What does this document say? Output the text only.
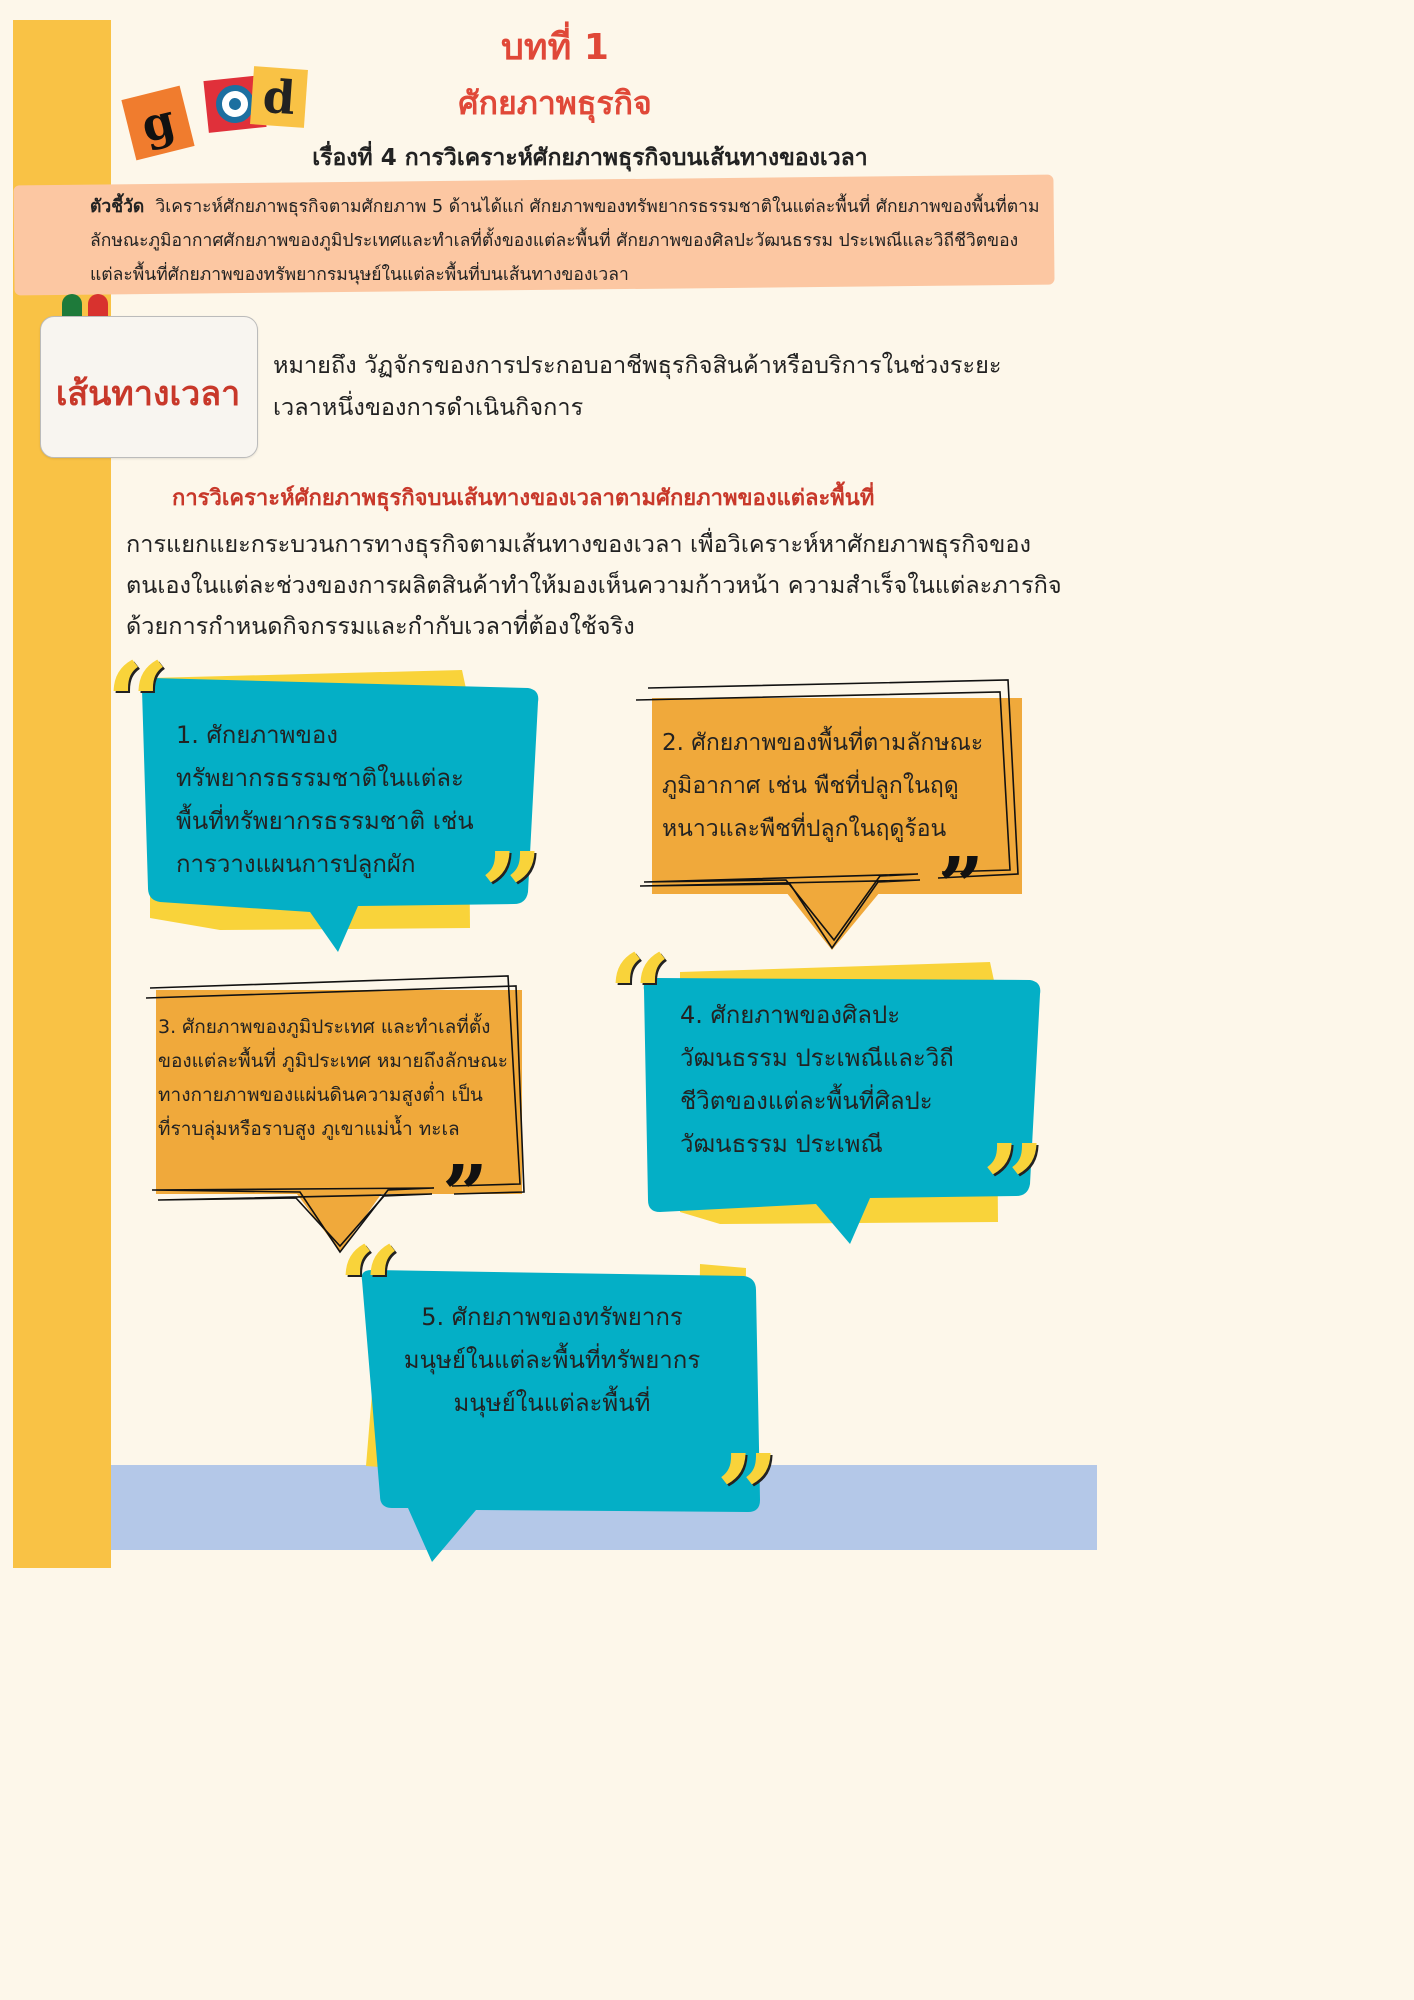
g d
บทที่ 1
ศักยภาพธุรกิจ
เรื่องที่ 4 การวิเคราะห์ศักยภาพธุรกิจบนเส้นทางของเวลา
ตัวชี้วัด วิเคราะห์ศักยภาพธุรกิจตามศักยภาพ 5 ด้านได้แก่ ศักยภาพของทรัพยากรธรรมชาติในแต่ละพื้นที่ ศักยภาพของพื้นที่ตามลักษณะภูมิอากาศศักยภาพของภูมิประเทศและทำเลที่ตั้งของแต่ละพื้นที่ ศักยภาพของศิลปะวัฒนธรรม ประเพณีและวิถีชีวิตของแต่ละพื้นที่ศักยภาพของทรัพยากรมนุษย์ในแต่ละพื้นที่บนเส้นทางของเวลา
เส้นทางเวลา
หมายถึง วัฏจักรของการประกอบอาชีพธุรกิจสินค้าหรือบริการในช่วงระยะเวลาหนึ่งของการดำเนินกิจการ
การวิเคราะห์ศักยภาพธุรกิจบนเส้นทางของเวลาตามศักยภาพของแต่ละพื้นที่
การแยกแยะกระบวนการทางธุรกิจตามเส้นทางของเวลา เพื่อวิเคราะห์หาศักยภาพธุรกิจของตนเองในแต่ละช่วงของการผลิตสินค้าทำให้มองเห็นความก้าวหน้า ความสำเร็จในแต่ละภารกิจ ด้วยการกำหนดกิจกรรมและกำกับเวลาที่ต้องใช้จริง
“
”	”
”
“
”
“
”
1. ศักยภาพของทรัพยากรธรรมชาติในแต่ละพื้นที่ทรัพยากรธรรมชาติ เช่น การวางแผนการปลูกผัก
2. ศักยภาพของพื้นที่ตามลักษณะภูมิอากาศ เช่น พืชที่ปลูกในฤดูหนาวและพืชที่ปลูกในฤดูร้อน
3. ศักยภาพของภูมิประเทศ และทำเลที่ตั้งของแต่ละพื้นที่ ภูมิประเทศ หมายถึงลักษณะทางกายภาพของแผ่นดินความสูงต่ำ เป็นที่ราบลุ่มหรือราบสูง ภูเขาแม่น้ำ ทะเล
4. ศักยภาพของศิลปะวัฒนธรรม ประเพณีและวิถีชีวิตของแต่ละพื้นที่ศิลปะ วัฒนธรรม ประเพณี
5. ศักยภาพของทรัพยากรมนุษย์ในแต่ละพื้นที่ทรัพยากรมนุษย์ในแต่ละพื้นที่
